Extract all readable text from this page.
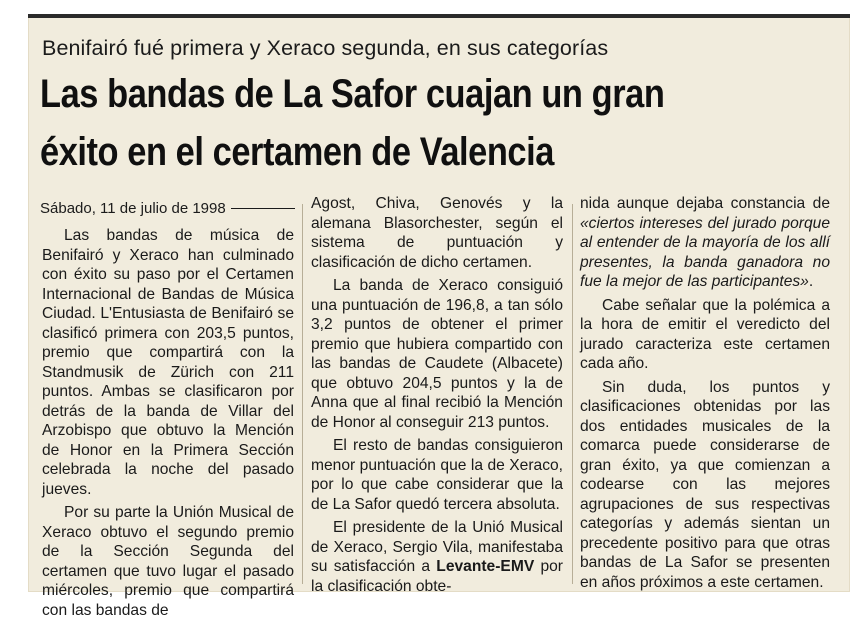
Benifairó fué primera y Xeraco segunda, en sus categorías
Las bandas de La Safor cuajan un gran
éxito en el certamen de Valencia
Sábado, 11 de julio de 1998

Las bandas de música de Benifairó y Xeraco han culminado con éxito su paso por el Certamen Internacional de Bandas de Música Ciudad. L'Entusiasta de Benifairó se clasificó primera con 203,5 puntos, premio que compartirá con la Standmusik de Zürich con 211 puntos. Ambas se clasificaron por detrás de la banda de Villar del Arzobispo que obtuvo la Mención de Honor en la Primera Sección celebrada la noche del pasado jueves.

Por su parte la Unión Musical de Xeraco obtuvo el segundo premio de la Sección Segunda del certamen que tuvo lugar el pasado miércoles, premio que compartirá con las bandas de

Agost, Chiva, Genovés y la alemana Blasorchester, según el sistema de puntuación y clasificación de dicho certamen.

La banda de Xeraco consiguió una puntuación de 196,8, a tan sólo 3,2 puntos de obtener el primer premio que hubiera compartido con las bandas de Caudete (Albacete) que obtuvo 204,5 puntos y la de Anna que al final recibió la Mención de Honor al conseguir 213 puntos.

El resto de bandas consiguieron menor puntuación que la de Xeraco, por lo que cabe considerar que la de La Safor quedó tercera absoluta.

El presidente de la Unió Musical de Xeraco, Sergio Vila, manifestaba su satisfacción a Levante-EMV por la clasificación obte-

nida aunque dejaba constancia de «ciertos intereses del jurado porque al entender de la mayoría de los allí presentes, la banda ganadora no fue la mejor de las participantes».

Cabe señalar que la polémica a la hora de emitir el veredicto del jurado caracteriza este certamen cada año.

Sin duda, los puntos y clasificaciones obtenidas por las dos entidades musicales de la comarca puede considerarse de gran éxito, ya que comienzan a codearse con las mejores agrupaciones de sus respectivas categorías y además sientan un precedente positivo para que otras bandas de La Safor se presenten en años próximos a este certamen.
